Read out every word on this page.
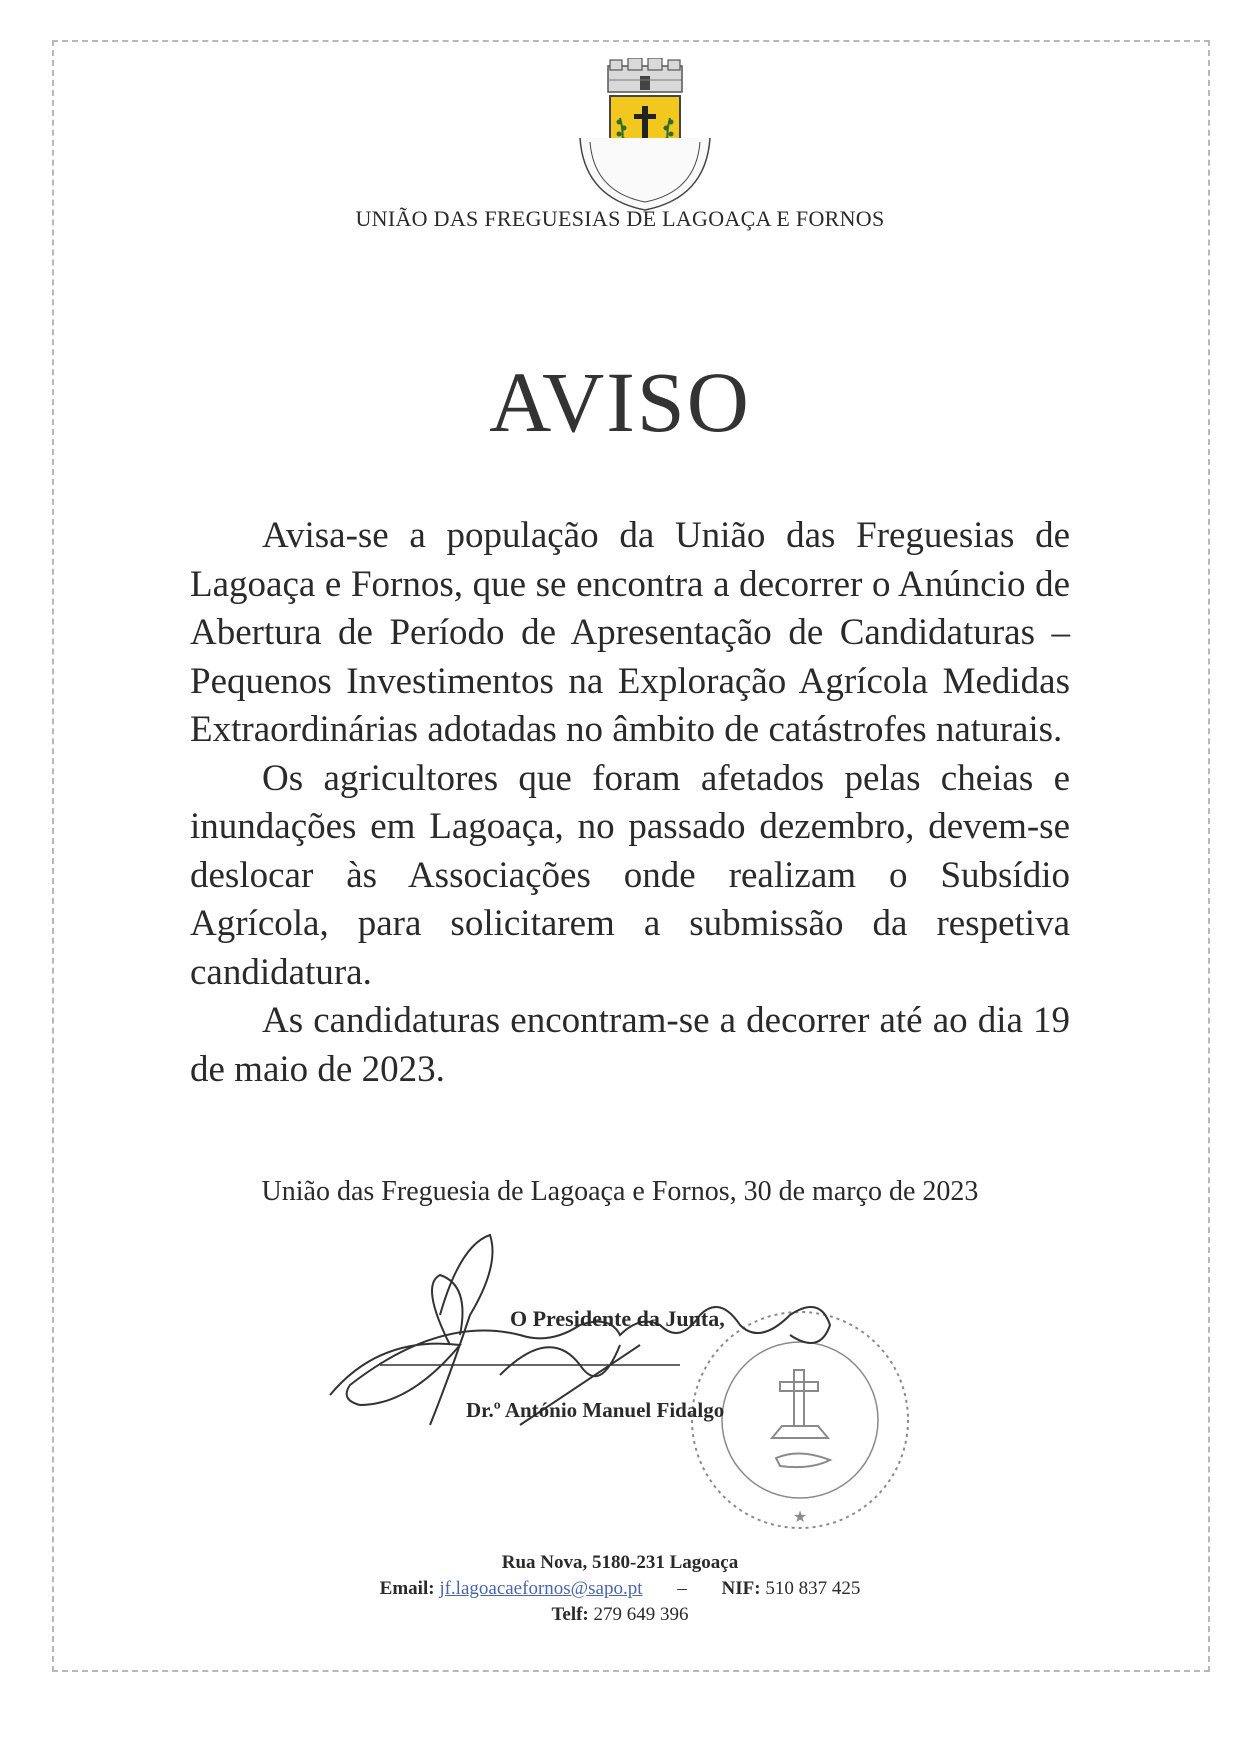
UNIÃO DAS FREGUESIAS DE LAGOAÇA E FORNOS
AVISO

Avisa-se a população da União das Freguesias de Lagoaça e Fornos, que se encontra a decorrer o Anúncio de Abertura de Período de Apresentação de Candidaturas – Pequenos Investimentos na Exploração Agrícola Medidas Extraordinárias adotadas no âmbito de catástrofes naturais.

Os agricultores que foram afetados pelas cheias e inundações em Lagoaça, no passado dezembro, devem-se deslocar às Associações onde realizam o Subsídio Agrícola, para solicitarem a submissão da respetiva candidatura.

As candidaturas encontram-se a decorrer até ao dia 19 de maio de 2023.

União das Freguesia de Lagoaça e Fornos, 30 de março de 2023
★
O Presidente da Junta,
Dr.º António Manuel Fidalgo
Rua Nova, 5180-231 Lagoaça
Email: jf.lagoacaefornos@sapo.pt – NIF: 510 837 425
Telf: 279 649 396
